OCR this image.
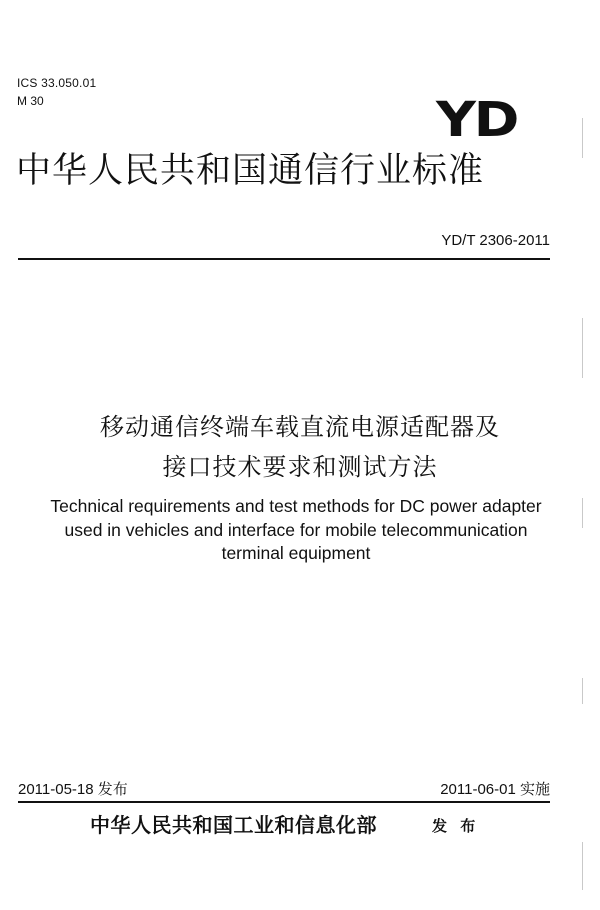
ICS 33.050.01
M 30	YD
中华人民共和国通信行业标准
YD/T 2306-2011
移动通信终端车载直流电源适配器及
接口技术要求和测试方法
Technical requirements and test methods for DC power adapter
used in vehicles and interface for mobile telecommunication
terminal equipment
2011-05-18 发布	2011-06-01 实施
中华人民共和国工业和信息化部	发 布
